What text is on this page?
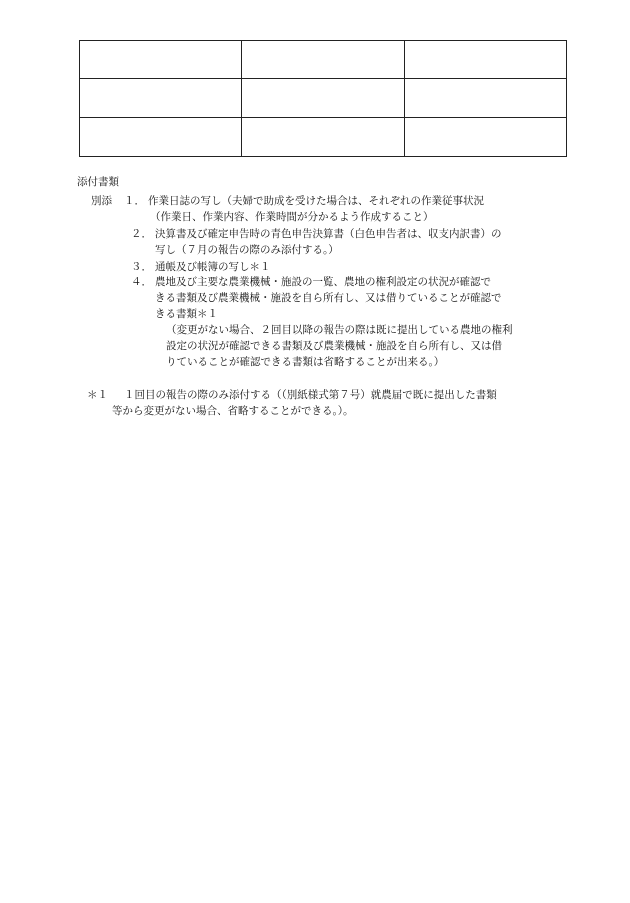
添付書類
別添 １． 作業日誌の写し（夫婦で助成を受けた場合は、それぞれの作業従事状況
（作業日、作業内容、作業時間が分かるよう作成すること）
２． 決算書及び確定申告時の青色申告決算書（白色申告者は、収支内訳書）の
写し（７月の報告の際のみ添付する。）
３． 通帳及び帳簿の写し＊１
４． 農地及び主要な農業機械・施設の一覧、農地の権利設定の状況が確認で
きる書類及び農業機械・施設を自ら所有し、又は借りていることが確認で
きる書類＊１
（変更がない場合、２回目以降の報告の際は既に提出している農地の権利
設定の状況が確認できる書類及び農業機械・施設を自ら所有し、又は借
りていることが確認できる書類は省略することが出来る。）
＊１ １回目の報告の際のみ添付する（（別紙様式第７号）就農届で既に提出した書類
等から変更がない場合、省略することができる。）。
